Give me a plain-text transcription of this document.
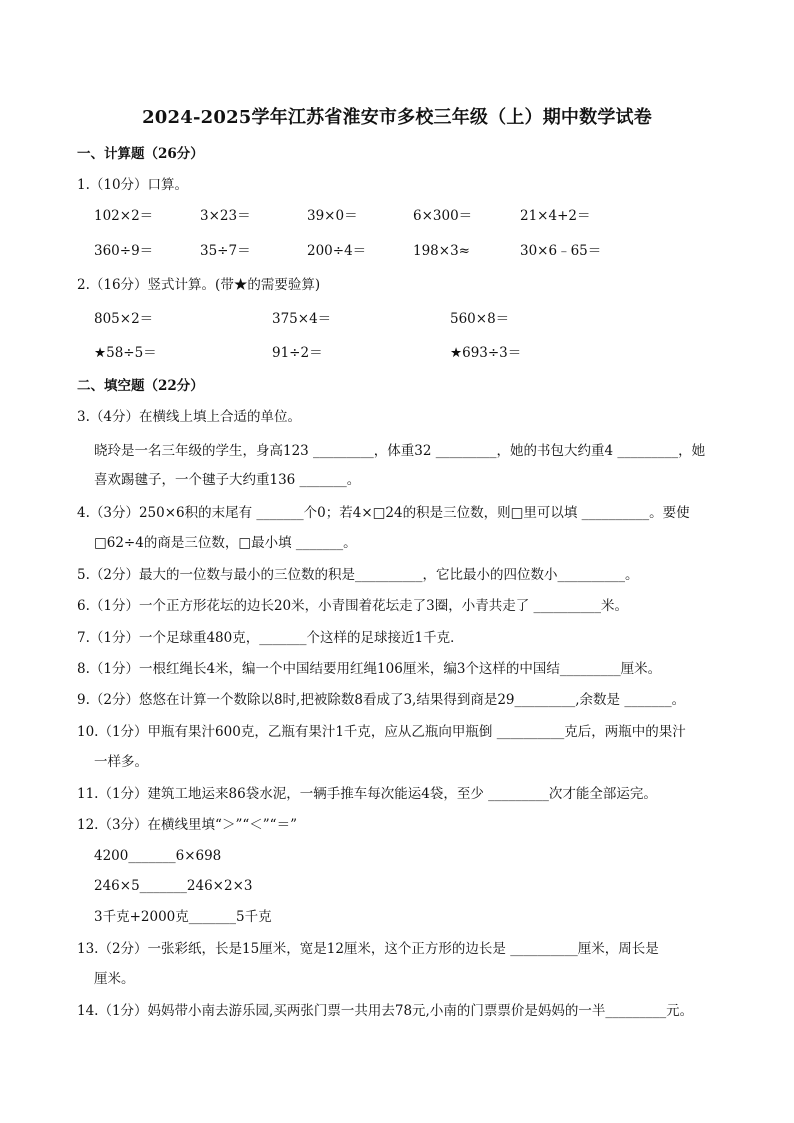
2024-2025学年江苏省淮安市多校三年级（上）期中数学试卷
一、计算题（26分）
1.（10分）口算。
102×2＝	3×23＝	39×0＝	6×300＝	21×4+2＝
360÷9＝	35÷7＝	200÷4＝	198×3≈	30×6﹣65＝
2.（16分）竖式计算。(带★的需要验算)
805×2＝	375×4＝	560×8＝
★58÷5＝	91÷2＝	★693÷3＝
二、填空题（22分）
3.（4分）在横线上填上合适的单位。
晓玲是一名三年级的学生，身高123 _________，体重32 _________，她的书包大约重4 _________，她
喜欢踢毽子，一个毽子大约重136 _______。
4.（3分）250×6积的末尾有 _______个0；若4×□24的积是三位数，则□里可以填 __________。要使
□62÷4的商是三位数，□最小填 _______。
5.（2分）最大的一位数与最小的三位数的积是__________，它比最小的四位数小__________。
6.（1分）一个正方形花坛的边长20米，小青围着花坛走了3圈，小青共走了 __________米。
7.（1分）一个足球重480克，_______个这样的足球接近1千克．
8.（1分）一根红绳长4米，编一个中国结要用红绳106厘米，编3个这样的中国结_________厘米。
9.（2分）悠悠在计算一个数除以8时,把被除数8看成了3,结果得到商是29_________,余数是 _______。
10.（1分）甲瓶有果汁600克，乙瓶有果汁1千克，应从乙瓶向甲瓶倒 __________克后，两瓶中的果汁
一样多。
11.（1分）建筑工地运来86袋水泥，一辆手推车每次能运4袋，至少 _________次才能全部运完。
12.（3分）在横线里填“＞”“＜”“＝”
4200_______6×698
246×5_______246×2×3
3千克+2000克_______5千克
13.（2分）一张彩纸，长是15厘米，宽是12厘米，这个正方形的边长是 __________厘米，周长是
厘米。
14.（1分）妈妈带小南去游乐园,买两张门票一共用去78元,小南的门票票价是妈妈的一半_________元。
